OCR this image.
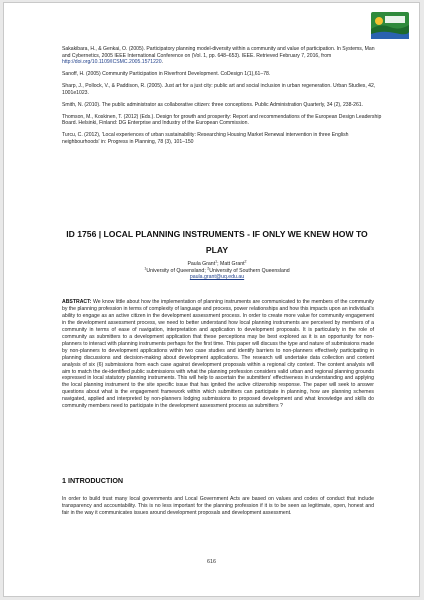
Sakakibara, H., & Genkai, O. (2005). Participatory planning model-diversity within a community and value of participation. In Systems, Man and Cybernetics, 2005 IEEE International Conference on (Vol. 1, pp. 648–653). IEEE. Retrieved February 7, 2016, from http://doi.org/10.1109/ICSMC.2005.1571220.

Sanoff, H. (2005) Community Participation in Riverfront Development. CoDesign 1(1),61–78.

Sharp, J., Pollock, V., & Paddison, R. (2005). Just art for a just city: public art and social inclusion in urban regeneration. Urban Studies, 42, 1001e1023.

Smith, N. (2010). The public administrator as collaborative citizen: three conceptions. Public Administration Quarterly, 34 (2), 238-261.

Thomson, M., Koskinen, T. (2012) (Eds.). Design for growth and prosperity: Report and recommendations of the European Design Leadership Board. Helsinki, Finland: DG Enterprise and Industry of the European Commission.

Turcu, C. (2012), 'Local experiences of urban sustainability: Researching Housing Market Renewal intervention in three English neighbourhoods' in: Progress in Planning, 78 (3), 101–150

ID 1756 | LOCAL PLANNING INSTRUMENTS - IF ONLY WE KNEW HOW TO PLAY
Paula Grant$^1$; Matt Grant$^2$
$^1$University of Queensland; $^2$University of Southern Queensland
paula.grant@uq.edu.au

ABSTRACT: We know little about how the implementation of planning instruments are communicated to the members of the community by the planning profession in terms of complexity of language and process, power relationships and how this impacts upon an individual's ability to engage as an active citizen in the development assessment process. In order to create more value for community engagement in the development assessment process, we need to better understand how local planning instruments are perceived by members of a community in terms of ease of navigation, interpretation and application to development proposals. It is particularly in the role of community as submitters to a development application that these perceptions may be best explored as it is an opportunity for non-planners to interact with planning instruments perhaps for the first time. This paper will discuss the type and nature of submissions made by non-planners to development applications within two case studies and identify barriers to non-planners effectively participating in planning discussions and decision-making about development applications. The research will undertake data collection and content analysis of six (6) submissions from each case against development proposals within a regional city context. The content analysis will aim to match the de-identified public submissions with what the planning profession considers valid urban and regional planning grounds expressed in local statutory planning instruments. This will help to ascertain the submitters' effectiveness in understanding and applying the local planning instrument to the site specific issue that has ignited the active citizenship response. The paper will seek to answer questions about what is the engagement framework within which submitters can participate in planning, how are planning schemes navigated, applied and interpreted by non-planners lodging submissions to proposed development and what knowledge and skills do community members need to participate in the development assessment process as submitters ?

1 INTRODUCTION

In order to build trust many local governments and Local Government Acts are based on values and codes of conduct that include transparency and accountability. This is no less important for the planning profession if it is to be seen as legitimate, open, honest and fair in the way it communicates issues around development proposals and development assessment.

616
